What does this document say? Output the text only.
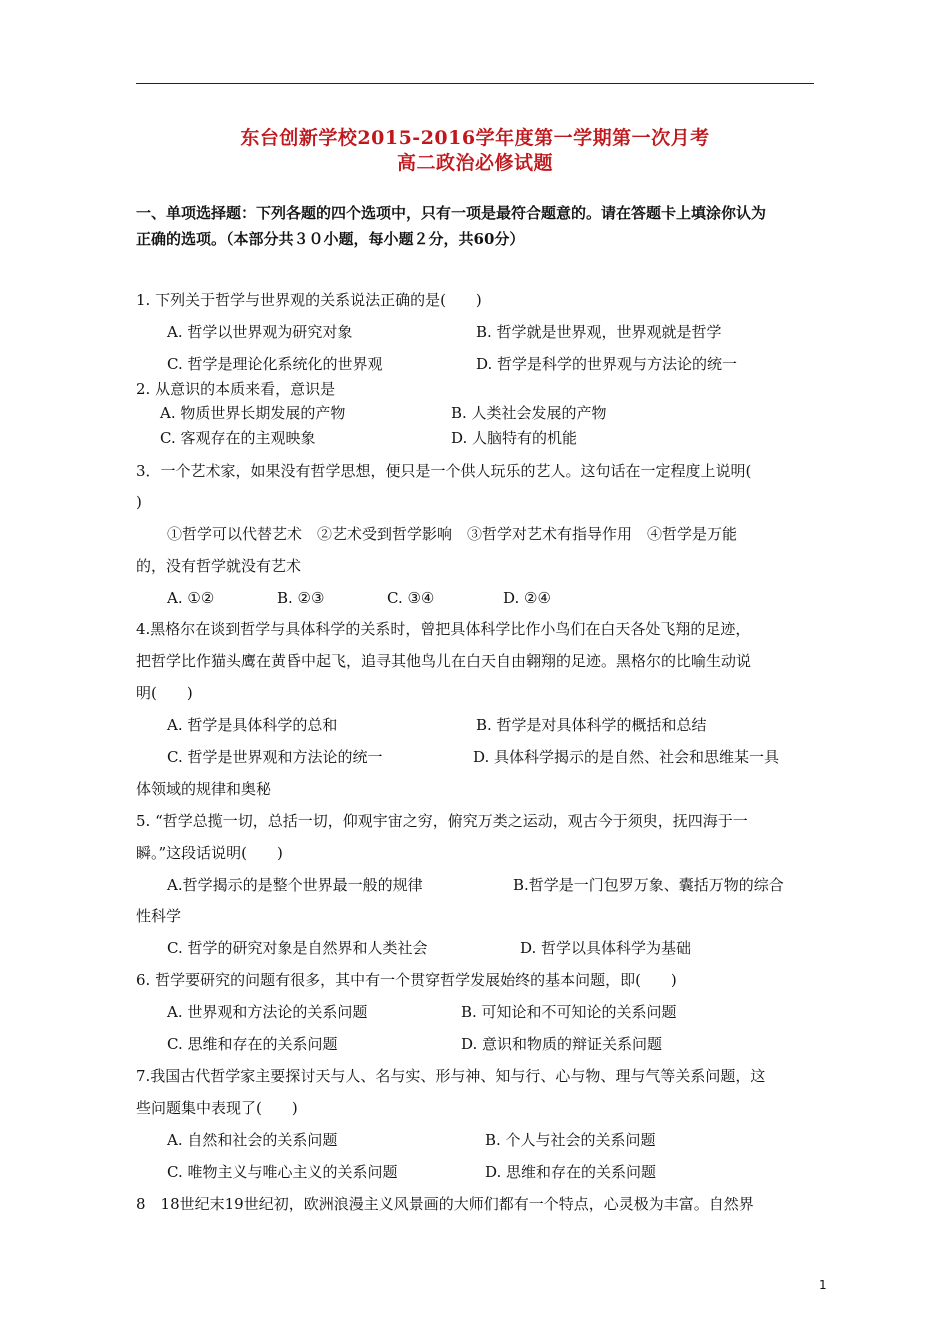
东台创新学校2015-2016学年度第一学期第一次月考
高二政治必修试题
一、单项选择题：下列各题的四个选项中，只有一项是最符合题意的。请在答题卡上填涂你认为
正确的选项。（本部分共３０小题，每小题２分，共60分）
1. 下列关于哲学与世界观的关系说法正确的是(　　)
A. 哲学以世界观为研究对象	B. 哲学就是世界观，世界观就是哲学
C. 哲学是理论化系统化的世界观	D. 哲学是科学的世界观与方法论的统一
2. 从意识的本质来看，意识是
A. 物质世界长期发展的产物	B. 人类社会发展的产物
C. 客观存在的主观映象	D. 人脑特有的机能
3．一个艺术家，如果没有哲学思想，便只是一个供人玩乐的艺人。这句话在一定程度上说明(
)
①哲学可以代替艺术　②艺术受到哲学影响　③哲学对艺术有指导作用　④哲学是万能
的，没有哲学就没有艺术
A. ①②	B. ②③	C. ③④	D. ②④
4.黑格尔在谈到哲学与具体科学的关系时，曾把具体科学比作小鸟们在白天各处飞翔的足迹，
把哲学比作猫头鹰在黄昏中起飞，追寻其他鸟儿在白天自由翱翔的足迹。黑格尔的比喻生动说
明(　　)
A. 哲学是具体科学的总和	B. 哲学是对具体科学的概括和总结
C. 哲学是世界观和方法论的统一	D. 具体科学揭示的是自然、社会和思维某一具
体领域的规律和奥秘
5. “哲学总揽一切，总括一切，仰观宇宙之穷，俯究万类之运动，观古今于须臾，抚四海于一
瞬。”这段话说明(　　)
A.哲学揭示的是整个世界最一般的规律	B.哲学是一门包罗万象、囊括万物的综合
性科学
C. 哲学的研究对象是自然界和人类社会	D. 哲学以具体科学为基础
6. 哲学要研究的问题有很多，其中有一个贯穿哲学发展始终的基本问题，即(　　)
A. 世界观和方法论的关系问题	B. 可知论和不可知论的关系问题
C. 思维和存在的关系问题	D. 意识和物质的辩证关系问题
7.我国古代哲学家主要探讨天与人、名与实、形与神、知与行、心与物、理与气等关系问题，这
些问题集中表现了(　　)
A. 自然和社会的关系问题	B. 个人与社会的关系问题
C. 唯物主义与唯心主义的关系问题	D. 思维和存在的关系问题
8　18世纪末19世纪初，欧洲浪漫主义风景画的大师们都有一个特点，心灵极为丰富。自然界
1
